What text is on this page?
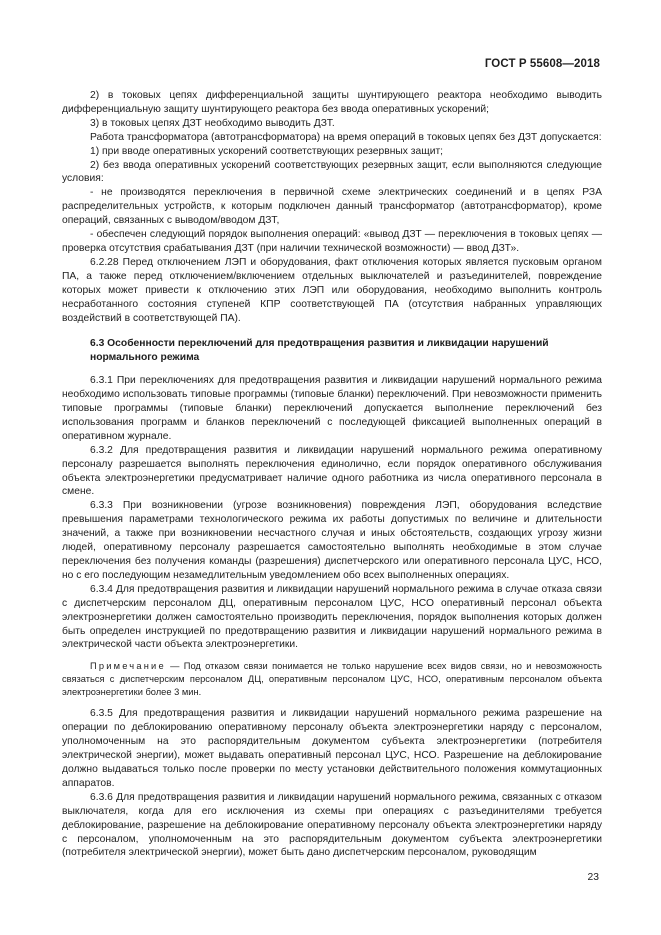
ГОСТ Р 55608—2018

2) в токовых цепях дифференциальной защиты шунтирующего реактора необходимо выводить дифференциальную защиту шунтирующего реактора без ввода оперативных ускорений;

3) в токовых цепях ДЗТ необходимо выводить ДЗТ.

Работа трансформатора (автотрансформатора) на время операций в токовых цепях без ДЗТ допускается:

1) при вводе оперативных ускорений соответствующих резервных защит;

2) без ввода оперативных ускорений соответствующих резервных защит, если выполняются следующие условия:

- не производятся переключения в первичной схеме электрических соединений и в цепях РЗА распределительных устройств, к которым подключен данный трансформатор (автотрансформатор), кроме операций, связанных с выводом/вводом ДЗТ,

- обеспечен следующий порядок выполнения операций: «вывод ДЗТ — переключения в токовых цепях — проверка отсутствия срабатывания ДЗТ (при наличии технической возможности) — ввод ДЗТ».

6.2.28 Перед отключением ЛЭП и оборудования, факт отключения которых является пусковым органом ПА, а также перед отключением/включением отдельных выключателей и разъединителей, повреждение которых может привести к отключению этих ЛЭП или оборудования, необходимо выполнить контроль несработанного состояния ступеней КПР соответствующей ПА (отсутствия набранных управляющих воздействий в соответствующей ПА).

6.3 Особенности переключений для предотвращения развития и ликвидации нарушений нормального режима

6.3.1 При переключениях для предотвращения развития и ликвидации нарушений нормального режима необходимо использовать типовые программы (типовые бланки) переключений. При невозможности применить типовые программы (типовые бланки) переключений допускается выполнение переключений без использования программ и бланков переключений с последующей фиксацией выполненных операций в оперативном журнале.

6.3.2 Для предотвращения развития и ликвидации нарушений нормального режима оперативному персоналу разрешается выполнять переключения единолично, если порядок оперативного обслуживания объекта электроэнергетики предусматривает наличие одного работника из числа оперативного персонала в смене.

6.3.3 При возникновении (угрозе возникновения) повреждения ЛЭП, оборудования вследствие превышения параметрами технологического режима их работы допустимых по величине и длительности значений, а также при возникновении несчастного случая и иных обстоятельств, создающих угрозу жизни людей, оперативному персоналу разрешается самостоятельно выполнять необходимые в этом случае переключения без получения команды (разрешения) диспетчерского или оперативного персонала ЦУС, НСО, но с его последующим незамедлительным уведомлением обо всех выполненных операциях.

6.3.4 Для предотвращения развития и ликвидации нарушений нормального режима в случае отказа связи с диспетчерским персоналом ДЦ, оперативным персоналом ЦУС, НСО оперативный персонал объекта электроэнергетики должен самостоятельно производить переключения, порядок выполнения которых должен быть определен инструкцией по предотвращению развития и ликвидации нарушений нормального режима в электрической части объекта электроэнергетики.

Примечание — Под отказом связи понимается не только нарушение всех видов связи, но и невозможность связаться с диспетчерским персоналом ДЦ, оперативным персоналом ЦУС, НСО, оперативным персоналом объекта электроэнергетики более 3 мин.

6.3.5 Для предотвращения развития и ликвидации нарушений нормального режима разрешение на операции по деблокированию оперативному персоналу объекта электроэнергетики наряду с персоналом, уполномоченным на это распорядительным документом субъекта электроэнергетики (потребителя электрической энергии), может выдавать оперативный персонал ЦУС, НСО. Разрешение на деблокирование должно выдаваться только после проверки по месту установки действительного положения коммутационных аппаратов.

6.3.6 Для предотвращения развития и ликвидации нарушений нормального режима, связанных с отказом выключателя, когда для его исключения из схемы при операциях с разъединителями требуется деблокирование, разрешение на деблокирование оперативному персоналу объекта электроэнергетики наряду с персоналом, уполномоченным на это распорядительным документом субъекта электроэнергетики (потребителя электрической энергии), может быть дано диспетчерским персоналом, руководящим

23
